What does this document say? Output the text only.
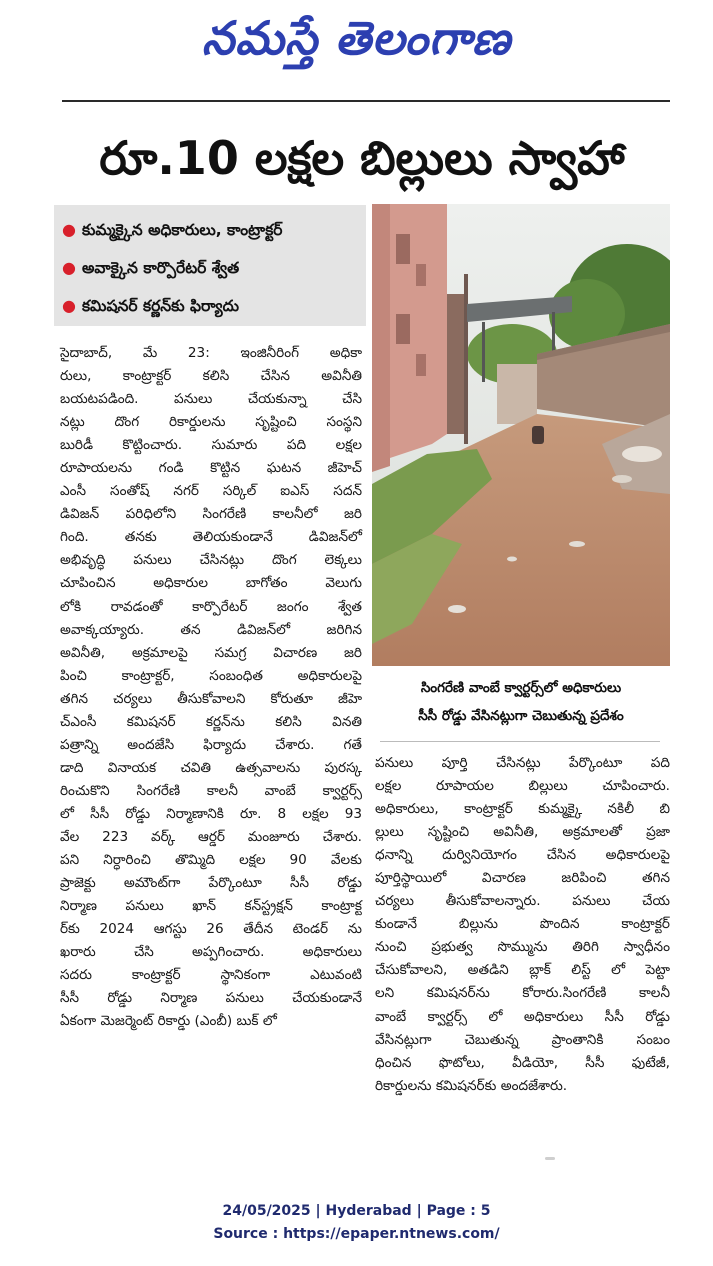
నమస్తే తెలంగాణ
రూ.10 లక్షల బిల్లులు స్వాహా
● కుమ్మక్కైన అధికారులు, కాంట్రాక్టర్
● అవాక్కైన కార్పొరేటర్ శ్వేత
● కమిషనర్ కర్ణన్‌కు ఫిర్యాదు
సింగరేణి వాంబే క్వార్టర్స్‌లో అధికారులు
సీసీ రోడ్డు వేసినట్లుగా చెబుతున్న ప్రదేశం
సైదాబాద్, మే 23: ఇంజినీరింగ్ అధికా
రులు, కాంట్రాక్టర్ కలిసి చేసిన అవినీతి
బయటపడింది. పనులు చేయకున్నా చేసి
నట్లు దొంగ రికార్డులను సృష్టించి సంస్థని
బురిడీ కొట్టించారు. సుమారు పది లక్షల
రూపాయలను గండి కొట్టిన ఘటన జీహెచ్
ఎంసీ సంతోష్ నగర్ సర్కిల్ ఐఎస్ సదన్
డివిజన్ పరిధిలోని సింగరేణి కాలనీలో జరి
గింది. తనకు తెలియకుండానే డివిజన్‌లో
అభివృద్ధి పనులు చేసినట్లు దొంగ లెక్కలు
చూపించిన అధికారుల బాగోతం వెలుగు
లోకి రావడంతో కార్పొరేటర్ జంగం శ్వేత
అవాక్కయ్యారు. తన డివిజన్‌లో జరిగిన
అవినీతి, అక్రమాలపై సమగ్ర విచారణ జరి
పించి కాంట్రాక్టర్, సంబంధిత అధికారులపై
తగిన చర్యలు తీసుకోవాలని కోరుతూ జీహె
చ్‌ఎంసీ కమిషనర్ కర్ణన్‌ను కలిసి వినతి
పత్రాన్ని అందజేసి ఫిర్యాదు చేశారు. గతే
డాది వినాయక చవితి ఉత్సవాలను పురస్క
రించుకొని సింగరేణి కాలనీ వాంబే క్వార్టర్స్
లో సీసీ రోడ్డు నిర్మాణానికి రూ. 8 లక్షల 93
వేల 223 వర్క్ ఆర్డర్ మంజూరు చేశారు.
పని నిర్ధారించి తొమ్మిది లక్షల 90 వేలకు
ప్రాజెక్టు అమౌంట్‌గా పేర్కొంటూ సీసీ రోడ్డు
నిర్మాణ పనులు ఖాన్ కన్‌స్ట్రక్షన్ కాంట్రాక్ట
ర్‌కు 2024 ఆగస్టు 26 తేదీన టెండర్ ను
ఖరారు చేసి అప్పగించారు. అధికారులు
సదరు కాంట్రాక్టర్ స్థానికంగా ఎటువంటి
సీసీ రోడ్డు నిర్మాణ పనులు చేయకుండానే
ఏకంగా మెజర్మెంట్ రికార్డు (ఎంబీ) బుక్ లో
పనులు పూర్తి చేసినట్లు పేర్కొంటూ పది
లక్షల రూపాయల బిల్లులు చూపించారు.
అధికారులు, కాంట్రాక్టర్ కుమ్మక్కై నకిలీ బి
ల్లులు సృష్టించి అవినీతి, అక్రమాలతో ప్రజా
ధనాన్ని దుర్వినియోగం చేసిన అధికారులపై
పూర్తిస్థాయిలో విచారణ జరిపించి తగిన
చర్యలు తీసుకోవాలన్నారు. పనులు చేయ
కుండానే బిల్లును పొందిన కాంట్రాక్టర్
నుంచి ప్రభుత్వ సొమ్మును తిరిగి స్వాధీనం
చేసుకోవాలని, అతడిని బ్లాక్ లిస్ట్ లో పెట్టా
లని కమిషనర్‌ను కోరారు.సింగరేణి కాలనీ
వాంబే క్వార్టర్స్ లో అధికారులు సీసీ రోడ్డు
వేసినట్లుగా చెబుతున్న ప్రాంతానికి సంబం
ధించిన ఫొటోలు, వీడియో, సీసీ ఫుటేజీ,
రికార్డులను కమిషనర్‌కు అందజేశారు.
24/05/2025 | Hyderabad | Page : 5
Source : https://epaper.ntnews.com/
